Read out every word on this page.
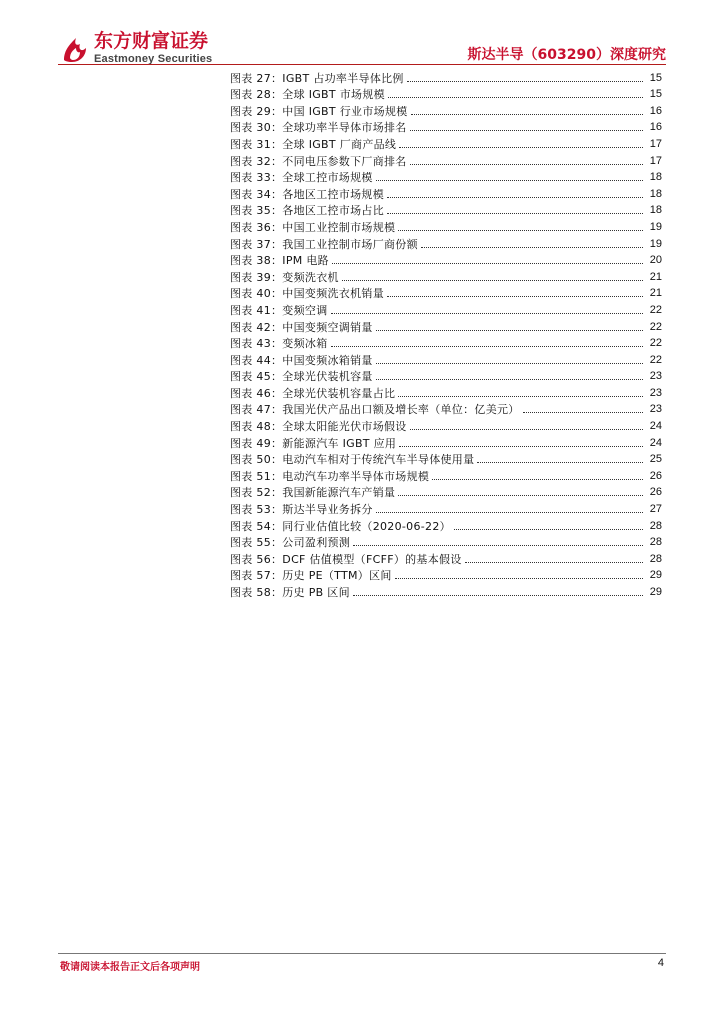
东方财富证券
Eastmoney Securities	斯达半导（603290）深度研究
图表 27：IGBT 占功率半导体比例	15
图表 28：全球 IGBT 市场规模	15
图表 29：中国 IGBT 行业市场规模	16
图表 30：全球功率半导体市场排名	16
图表 31：全球 IGBT 厂商产品线	17
图表 32：不同电压参数下厂商排名	17
图表 33：全球工控市场规模	18
图表 34：各地区工控市场规模	18
图表 35：各地区工控市场占比	18
图表 36：中国工业控制市场规模	19
图表 37：我国工业控制市场厂商份额	19
图表 38：IPM 电路	20
图表 39：变频洗衣机	21
图表 40：中国变频洗衣机销量	21
图表 41：变频空调	22
图表 42：中国变频空调销量	22
图表 43：变频冰箱	22
图表 44：中国变频冰箱销量	22
图表 45：全球光伏装机容量	23
图表 46：全球光伏装机容量占比	23
图表 47：我国光伏产品出口额及增长率（单位：亿美元）	23
图表 48：全球太阳能光伏市场假设	24
图表 49：新能源汽车 IGBT 应用	24
图表 50：电动汽车相对于传统汽车半导体使用量	25
图表 51：电动汽车功率半导体市场规模	26
图表 52：我国新能源汽车产销量	26
图表 53：斯达半导业务拆分	27
图表 54：同行业估值比较（2020-06-22）	28
图表 55：公司盈利预测	28
图表 56：DCF 估值模型（FCFF）的基本假设	28
图表 57：历史 PE（TTM）区间	29
图表 58：历史 PB 区间	29
敬请阅读本报告正文后各项声明	4
